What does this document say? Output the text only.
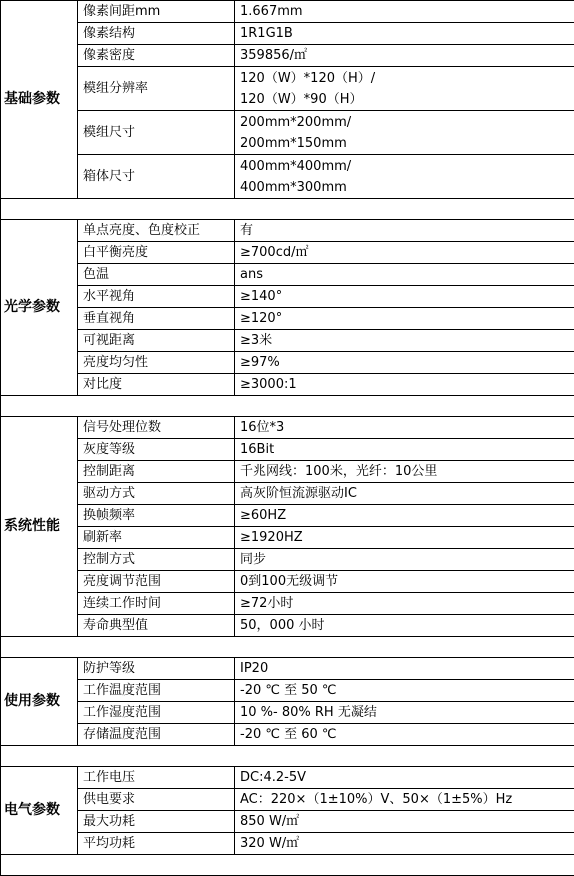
基础参数	像素间距mm	1.667mm

	像素结构	1R1G1B

	像素密度	359856/㎡

	模组分辨率	120（W）*120（H）/
120（W）*90（H）

	模组尺寸	200mm*200mm/
200mm*150mm

	箱体尺寸	400mm*400mm/
400mm*300mm

光学参数	单点亮度、色度校正	有

	白平衡亮度	≥700cd/㎡

	色温	ans

	水平视角	≥140°

	垂直视角	≥120°

	可视距离	≥3米

	亮度均匀性	≥97%

	对比度	≥3000:1

系统性能	信号处理位数	16位*3

	灰度等级	16Bit

	控制距离	千兆网线：100米，光纤：10公里

	驱动方式	高灰阶恒流源驱动IC

	换帧频率	≥60HZ

	刷新率	≥1920HZ

	控制方式	同步

	亮度调节范围	0到100无级调节

	连续工作时间	≥72小时

	寿命典型值	50，000 小时

使用参数	防护等级	IP20

	工作温度范围	-20 ℃ 至 50 ℃

	工作湿度范围	10 %- 80% RH 无凝结

	存储温度范围	-20 ℃ 至 60 ℃

电气参数	工作电压	DC:4.2-5V

	供电要求	AC：220×（1±10%）V、50×（1±5%）Hz

	最大功耗	850 W/㎡

	平均功耗	320 W/㎡
